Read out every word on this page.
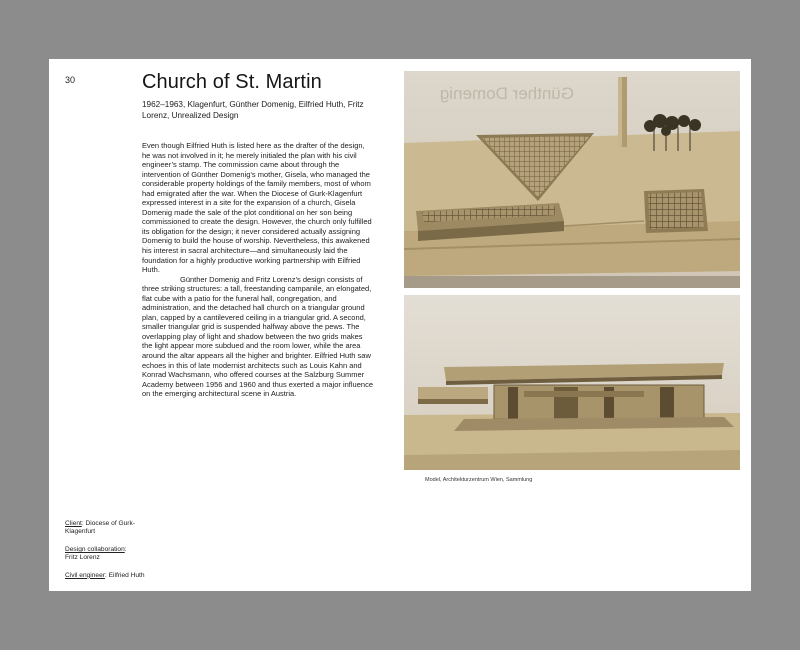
30	Church of St. Martin
1962–1963, Klagenfurt, Günther Domenig, Eilfried Huth, Fritz Lorenz, Unrealized Design

Even though Eilfried Huth is listed here as the drafter of the design, he was not involved in it; he merely initialed the plan with his civil engineer’s stamp. The commission came about through the intervention of Günther Domenig’s mother, Gisela, who managed the considerable property holdings of the family members, most of whom had emigrated after the war. When the Diocese of Gurk-Klagenfurt expressed interest in a site for the expansion of a church, Gisela Domenig made the sale of the plot conditional on her son being commissioned to create the design. However, the church only fulfilled its obligation for the design; it never considered actually assigning Domenig to build the house of worship. Nevertheless, this awakened his interest in sacral architecture—and simultaneously laid the foundation for a highly productive working partnership with Eilfried Huth.

Günther Domenig and Fritz Lorenz’s design consists of three striking structures: a tall, freestanding campanile, an elongated, flat cube with a patio for the funeral hall, congregation, and administration, and the detached hall church on a triangular ground plan, capped by a cantilevered ceiling in a triangular grid. A second, smaller triangular grid is suspended halfway above the pews. The overlapping play of light and shadow between the two grids makes the light appear more subdued and the room lower, while the area around the altar appears all the higher and brighter. Eilfried Huth saw echoes in this of late modernist architects such as Louis Kahn and Konrad Wachsmann, who offered courses at the Salzburg Summer Academy between 1956 and 1960 and thus exerted a major influence on the emerging architectural scene in Austria.

Client: Diocese of Gurk-Klagenfurt
Design collaboration:
Fritz Lorenz
Civil engineer: Eilfried Huth
Günther Domenig
Model, Architekturzentrum Wien, Sammlung
